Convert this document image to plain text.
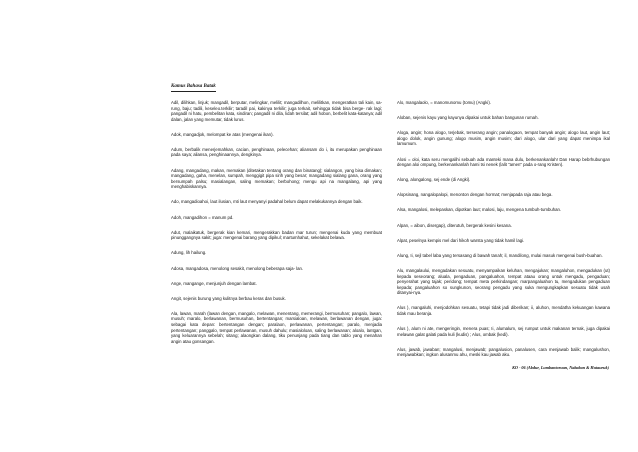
Kamus Bahasa Batak

Adil, dilihkan, linjuk; mangadil, berputar, melingkar, melilit; mangadilhon, melilitkan, mengeratkan tali kain, sa- rung, baju; tadili, keseleo.terkilir; taradil pai, kakinya terkilir; juga terkait, sehingga tidak bisa berge- rak lagi; pangadil ni hatu, pembelitan kata, sindiran; pangadil ni dila, lidah tersilat; adil hobon, berbelit kata-katanya; adil dalan, jalan yang memutar, tidak lurus.

Adok, mangadjok, melompat ke atas (mengenai ikan).

Adum, berbalik menerjemahkan, cacian, penghinaan, pelecehan; aliansam do i, itu merupakan penghinaan pada saya; aliansa, penghinaannya, dengkinya.

Adang, mangadang, makan, memakan (ditetakan tentang orang dan binatang); sialangon, yang bisa dimakan; mangadang, gaha, menelan, sumpah, menggigit pipa sirih yang besar; mangadang sialang gana, orang yang bersumpah palsu; masialangan, saling memakan; berbohong; mengu api na mangalang, api yang menghabiskannya.

Ado, mangadioahoi, laut ilusian, mti laut menyanyi padahal belum dapat melakukannya dengan baik.

Adoh, mangadihon = manum pd.

Adut, malaikatuk, bergerak kian kemari, mengerakkan badan mar turun; mengenai kuda yang membuat pinunggangnya sakit; juga: mengenai barang yang dipikul; martumhahut, sekelakat belawa.

Adung, lih hailung.

Adosa, mangadosa, menolong sesakit, menolong beberapa saja- lan.

Ange, mangange, menjunjuh dengan lambat.

Angit, sejenis burung yang kulitnya berbau keras dan busuk.

Ala, lawan, marah (lawan dengan, mangalo, melawan, menentang, memerangi, bermusuhan; pangalo, lawan, musuh; maralo, berlawanan, bermusuhan, bertentangan; marsialoan, melawan, berlawanan dengan, juga: sebagai kata depan: bertentangan dengan; paralaon, perlawanan, pertentangan; paralo, menjadia pertentangan; panggalo, tempat perlawanan, musuh dahulu; masialoloan, saling berlawanan; aloalo, lantgan, yang keluarannya sebelah; sitang; alaongkan dalang, tiku penunjang pada tiang dan tablo yang menahan angin atau gonsangan.

Alo, mangalaolo, = manomunomu (tomu) (Angki).

Aloban, sejenis kayu yang kayunya dipakai untuk bahan bangunan rumah.

Aloga, angin; hona alogo, terjebak, terserang angin; panalogaon, tempat banyak angin; alogo laut, angin laut; alogo dolok, angin gunung; alogo musim, angin musim; dari alogo, ular dari yang dapat menimpa ikal lamumum.

Alosi = oloi, kata seru mengalihi sebuah ada manteki mana dulu, berkenankanlah! Dan Harap bebrhubungan dengan aloi ompung, berkenankanlah hami tsi nenek (lalit "amen" pada o-rang Kristen).

Along, alongalong, sej ende (di Angki).

Alopsinang, nangalopalopi, menonton dengan hormat; menjapada raja atau bega.

Alsa, mangalosi, melepaskan, dipotkan laut; malosi, laju, mengena tumbuh-tumbuhan.

Alpan, = aibon, disergap), diterutuh, bergerak kesini kesana.

Alpat, peselnya kempis mel dari hikoh warsta yang tidak hamil lagi.

Alung, Ii, sejl tabel laba yang tersasang di bawah tanah; il, mandilong, mulai masuk mengenai bush-buahan.

Alu, mangalaului, mengadakan sesuatu, menyampaikan keluhan, mengajukan; mangaluhon, mengadukan (ut) kepada seseorang; aluala, pengaduan, pangaluahon, tempat ataau orang untuk mengadu, pengaduan; penyerahat yang tajak; peridong; tempat meta perkindangan; marpangaluahon tu, mengadukan pengaduan kepada; pangaluahon so sungkunon, seorang pengadu yang suka mengungkapkan sesuatu tidak usah ditanyai-nya.

Alus ), mangaluhi, menjodohkan sesuatu, tetapi tidak jadi diberikan; ii, aluhon, mendatha kekuangan kawana tidak mau beranja.

Alus ), alum ni ate, mengeringin, menera puas; Ii, alumalum, sej rumput untuk makanan ternak, juga dipakai melawan galat galati pada kuli (kudis) ; Alus, ombak (kedi).

Alus, jawab, jawaban; mangalusi, menjawab; pangalusion, panalusen, cara menjawab balik; mangalushon, menjawabkan; ingkon alusanmu ahu, meski kau jawab aku.

KO - 06 (Abdur, Lumbantoruan, Nababan & Hutauruk)
